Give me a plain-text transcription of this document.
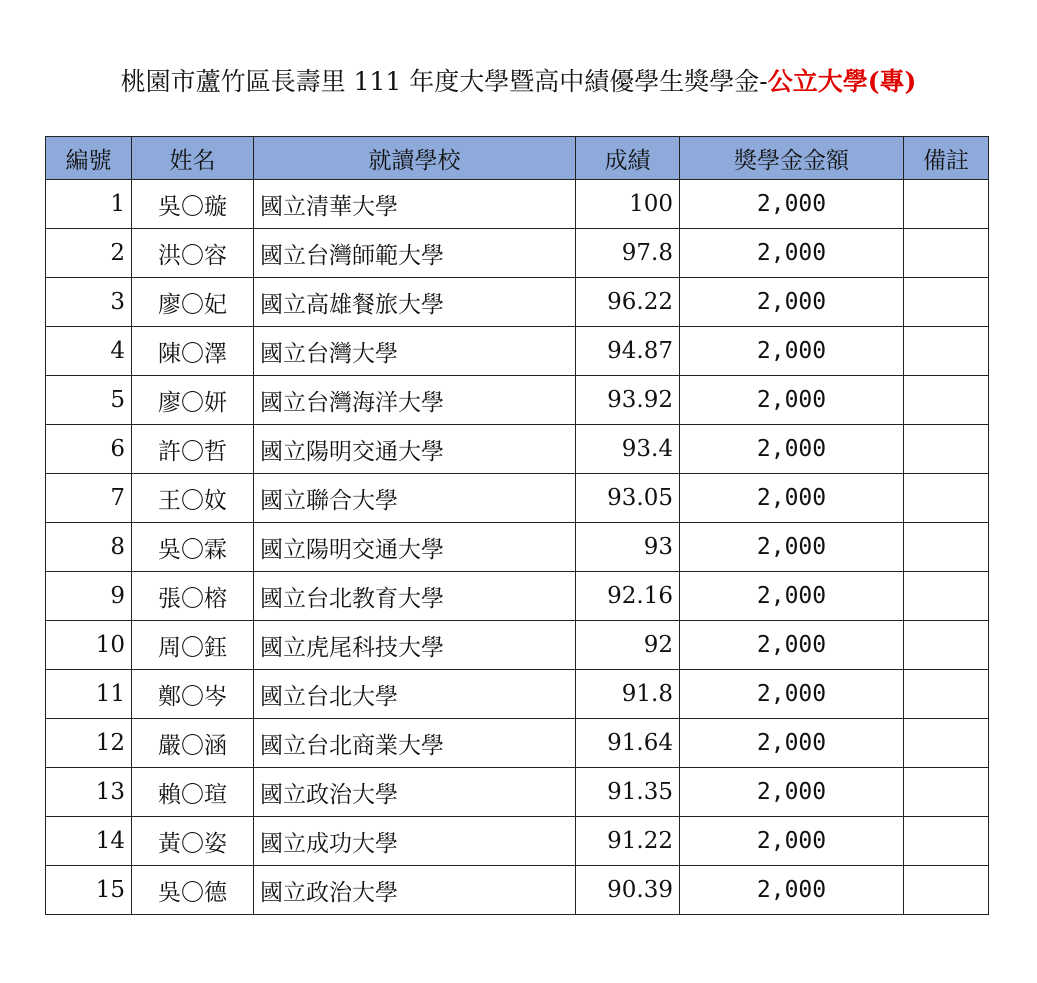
桃園市蘆竹區長壽里 111 年度大學暨高中績優學生獎學金-公立大學(專)
編號	姓名	就讀學校	成績	獎學金金額	備註
1	吳〇璇	國立清華大學	100	2,000	
2	洪〇容	國立台灣師範大學	97.8	2,000	
3	廖〇妃	國立高雄餐旅大學	96.22	2,000	
4	陳〇澤	國立台灣大學	94.87	2,000	
5	廖〇妍	國立台灣海洋大學	93.92	2,000	
6	許〇哲	國立陽明交通大學	93.4	2,000	
7	王〇妏	國立聯合大學	93.05	2,000	
8	吳〇霖	國立陽明交通大學	93	2,000	
9	張〇榕	國立台北教育大學	92.16	2,000	
10	周〇鈺	國立虎尾科技大學	92	2,000	
11	鄭〇岑	國立台北大學	91.8	2,000	
12	嚴〇涵	國立台北商業大學	91.64	2,000	
13	賴〇瑄	國立政治大學	91.35	2,000	
14	黃〇姿	國立成功大學	91.22	2,000	
15	吳〇德	國立政治大學	90.39	2,000	
